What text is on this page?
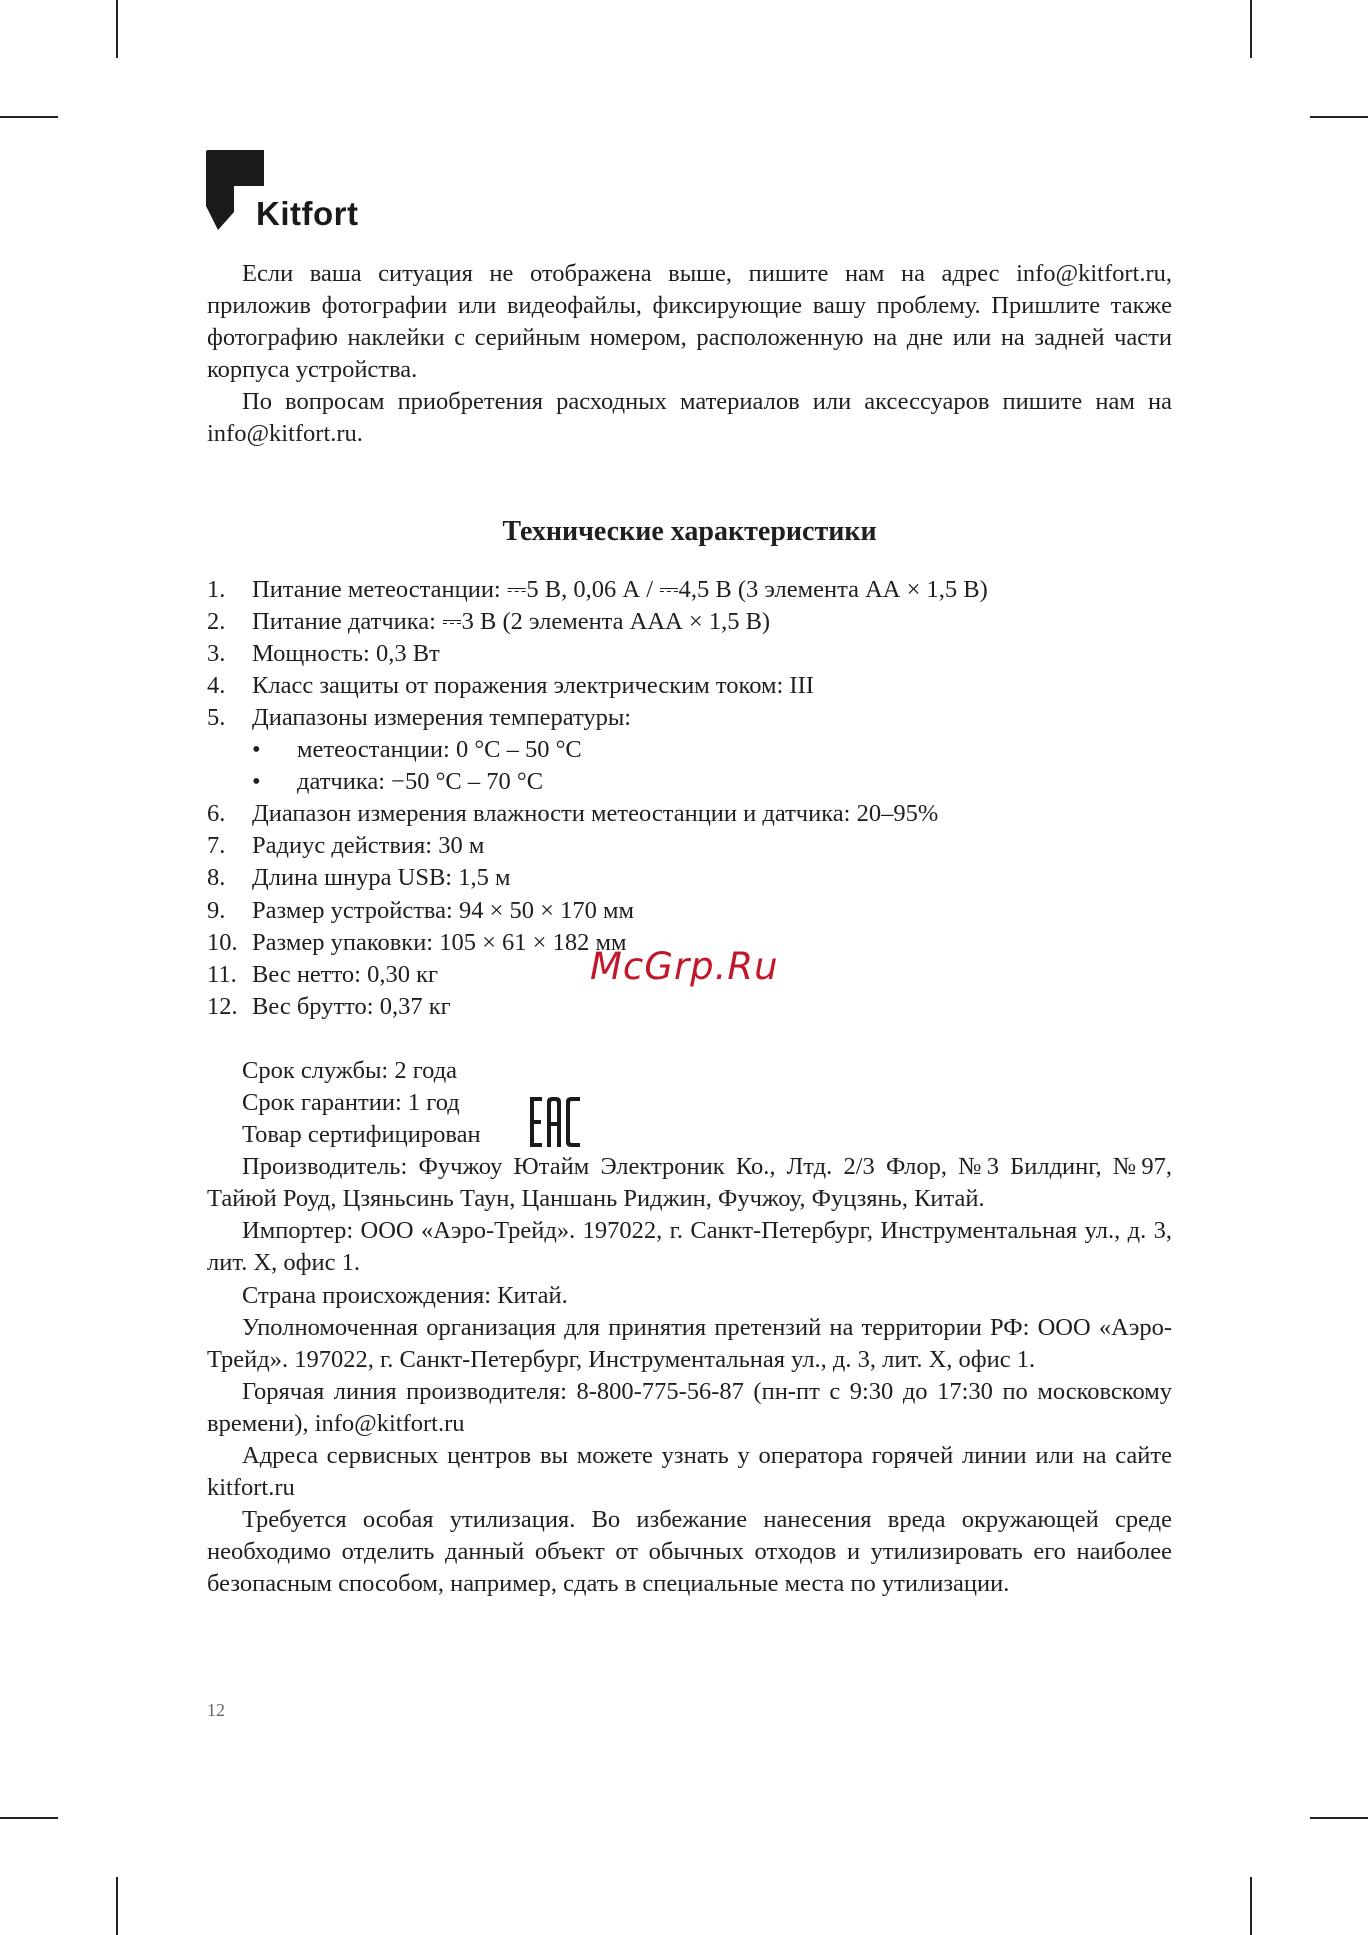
Kitfort

Если ваша ситуация не отображена выше, пишите нам на адрес info@kitfort.ru, приложив фотографии или видеофайлы, фиксирующие вашу проблему. Пришлите также фотографию наклейки с серийным номером, расположенную на дне или на задней части корпуса устройства.

По вопросам приобретения расходных материалов или аксессуаров пишите нам на info@kitfort.ru.

Технические характеристики
1. Питание метеостанции: ⎓5 В, 0,06 А / ⎓4,5 В (3 элемента АА × 1,5 В)
2. Питание датчика: ⎓3 В (2 элемента ААА × 1,5 В)
3. Мощность: 0,3 Вт
4. Класс защиты от поражения электрическим током: III
5. Диапазоны измерения температуры:
• метеостанции: 0 °C – 50 °C
• датчика: −50 °C – 70 °C
6. Диапазон измерения влажности метеостанции и датчика: 20–95%
7. Радиус действия: 30 м
8. Длина шнура USB: 1,5 м
9. Размер устройства: 94 × 50 × 170 мм
10. Размер упаковки: 105 × 61 × 182 мм
11. Вес нетто: 0,30 кг
12. Вес брутто: 0,37 кг

Срок службы: 2 года

Срок гарантии: 1 год

Товар сертифицирован

Производитель: Фучжоу Ютайм Электроник Ко., Лтд. 2/3 Флор, №3 Билдинг, №97, Тайюй Роуд, Цзяньсинь Таун, Цаншань Риджин, Фучжоу, Фуцзянь, Китай.

Импортер: ООО «Аэро-Трейд». 197022, г. Санкт-Петербург, Инструментальная ул., д. 3, лит. Х, офис 1.

Страна происхождения: Китай.

Уполномоченная организация для принятия претензий на территории РФ: ООО «Аэро-Трейд». 197022, г. Санкт-Петербург, Инструментальная ул., д. 3, лит. Х, офис 1.

Горячая линия производителя: 8-800-775-56-87 (пн-пт с 9:30 до 17:30 по московскому времени), info@kitfort.ru

Адреса сервисных центров вы можете узнать у оператора горячей линии или на сайте kitfort.ru

Требуется особая утилизация. Во избежание нанесения вреда окружающей среде необходимо отделить данный объект от обычных отходов и утилизировать его наиболее безопасным способом, например, сдать в специальные места по утилизации.

12
McGrp.Ru
